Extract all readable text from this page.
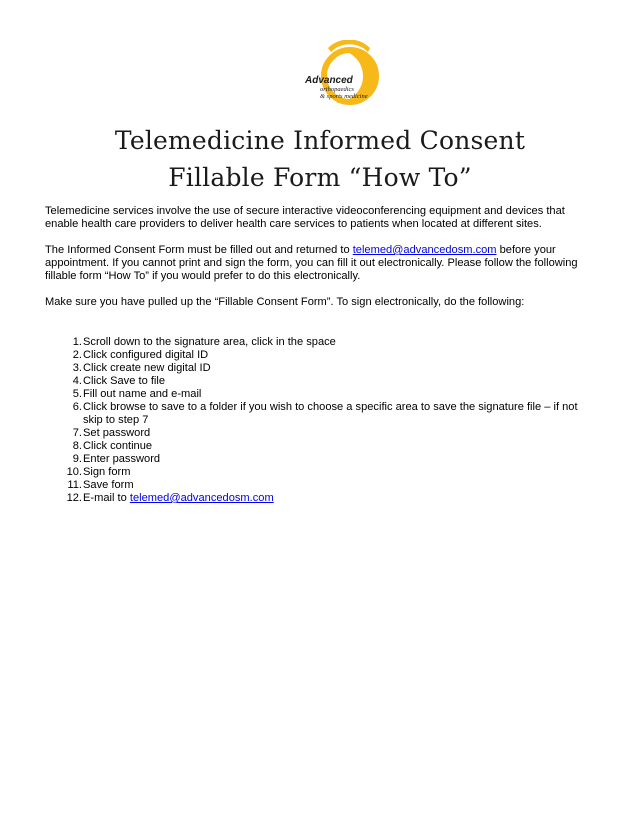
Advanced
orthopaedics
& sports medicine
Telemedicine Informed Consent
Fillable Form “How To”

Telemedicine services involve the use of secure interactive videoconferencing equipment and devices that enable health care providers to deliver health care services to patients when located at different sites.

The Informed Consent Form must be filled out and returned to telemed@advancedosm.com before your appointment. If you cannot print and sign the form, you can fill it out electronically. Please follow the following fillable form “How To” if you would prefer to do this electronically.

Make sure you have pulled up the “Fillable Consent Form”. To sign electronically, do the following:

1. Scroll down to the signature area, click in the space
2. Click configured digital ID
3. Click create new digital ID
4. Click Save to file
5. Fill out name and e-mail
6. Click browse to save to a folder if you wish to choose a specific area to save the signature file – if not skip to step 7
7. Set password
8. Click continue
9. Enter password
10. Sign form
11. Save form
12. E-mail to telemed@advancedosm.com
